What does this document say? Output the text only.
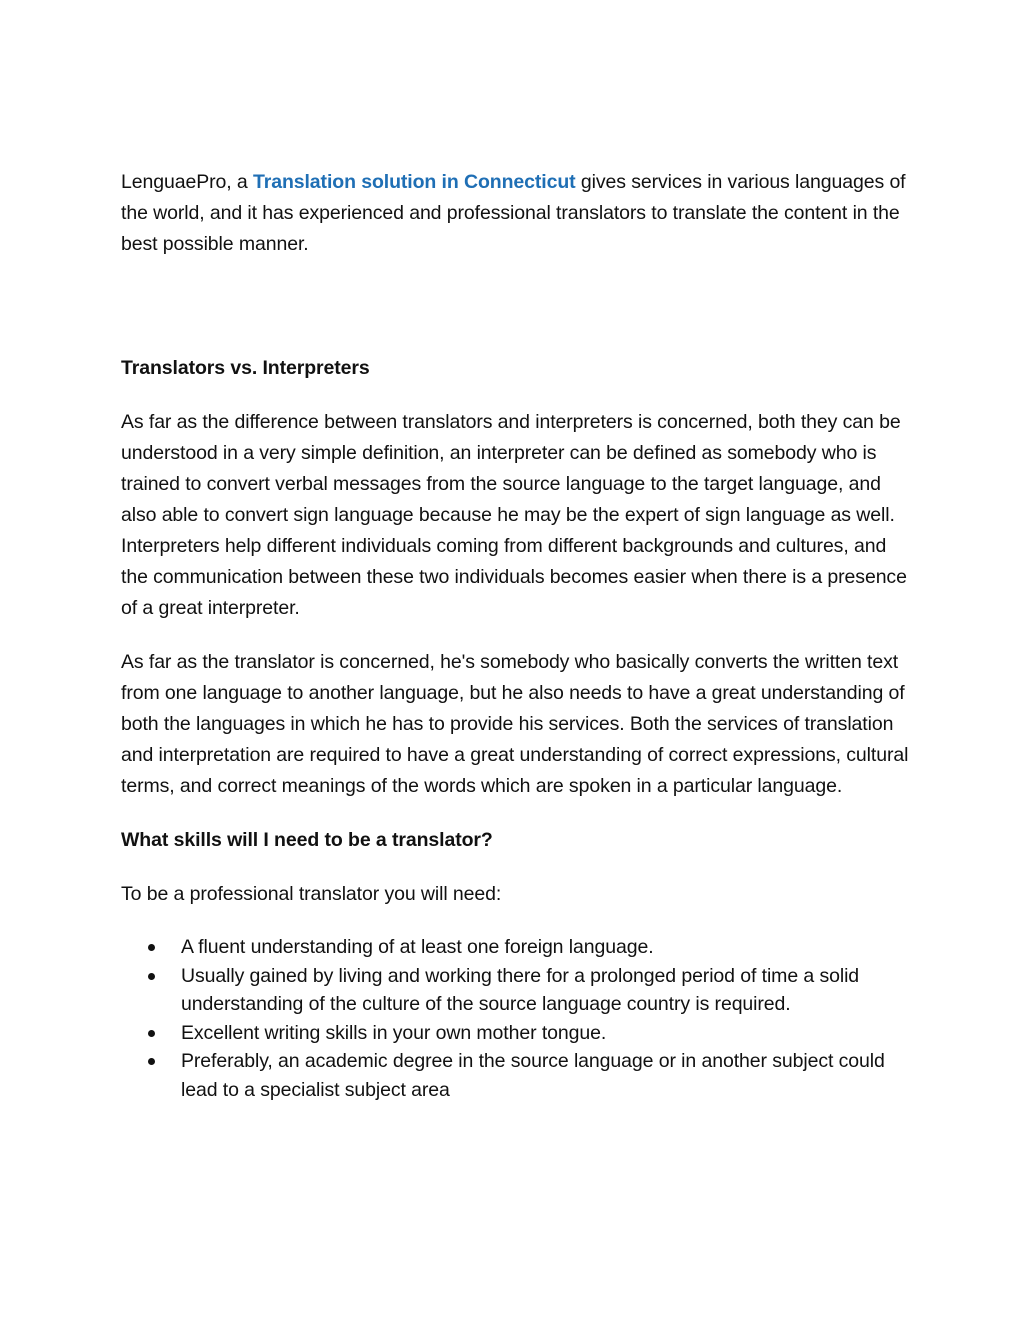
LenguaePro, a Translation solution in Connecticut gives services in various languages of the world, and it has experienced and professional translators to translate the content in the best possible manner.

Translators vs. Interpreters

As far as the difference between translators and interpreters is concerned, both they can be understood in a very simple definition, an interpreter can be defined as somebody who is trained to convert verbal messages from the source language to the target language, and also able to convert sign language because he may be the expert of sign language as well. Interpreters help different individuals coming from different backgrounds and cultures, and the communication between these two individuals becomes easier when there is a presence of a great interpreter.

As far as the translator is concerned, he's somebody who basically converts the written text from one language to another language, but he also needs to have a great understanding of both the languages in which he has to provide his services. Both the services of translation and interpretation are required to have a great understanding of correct expressions, cultural terms, and correct meanings of the words which are spoken in a particular language.

What skills will I need to be a translator?

To be a professional translator you will need:

A fluent understanding of at least one foreign language.
Usually gained by living and working there for a prolonged period of time a solid understanding of the culture of the source language country is required.
Excellent writing skills in your own mother tongue.
Preferably, an academic degree in the source language or in another subject could lead to a specialist subject area
